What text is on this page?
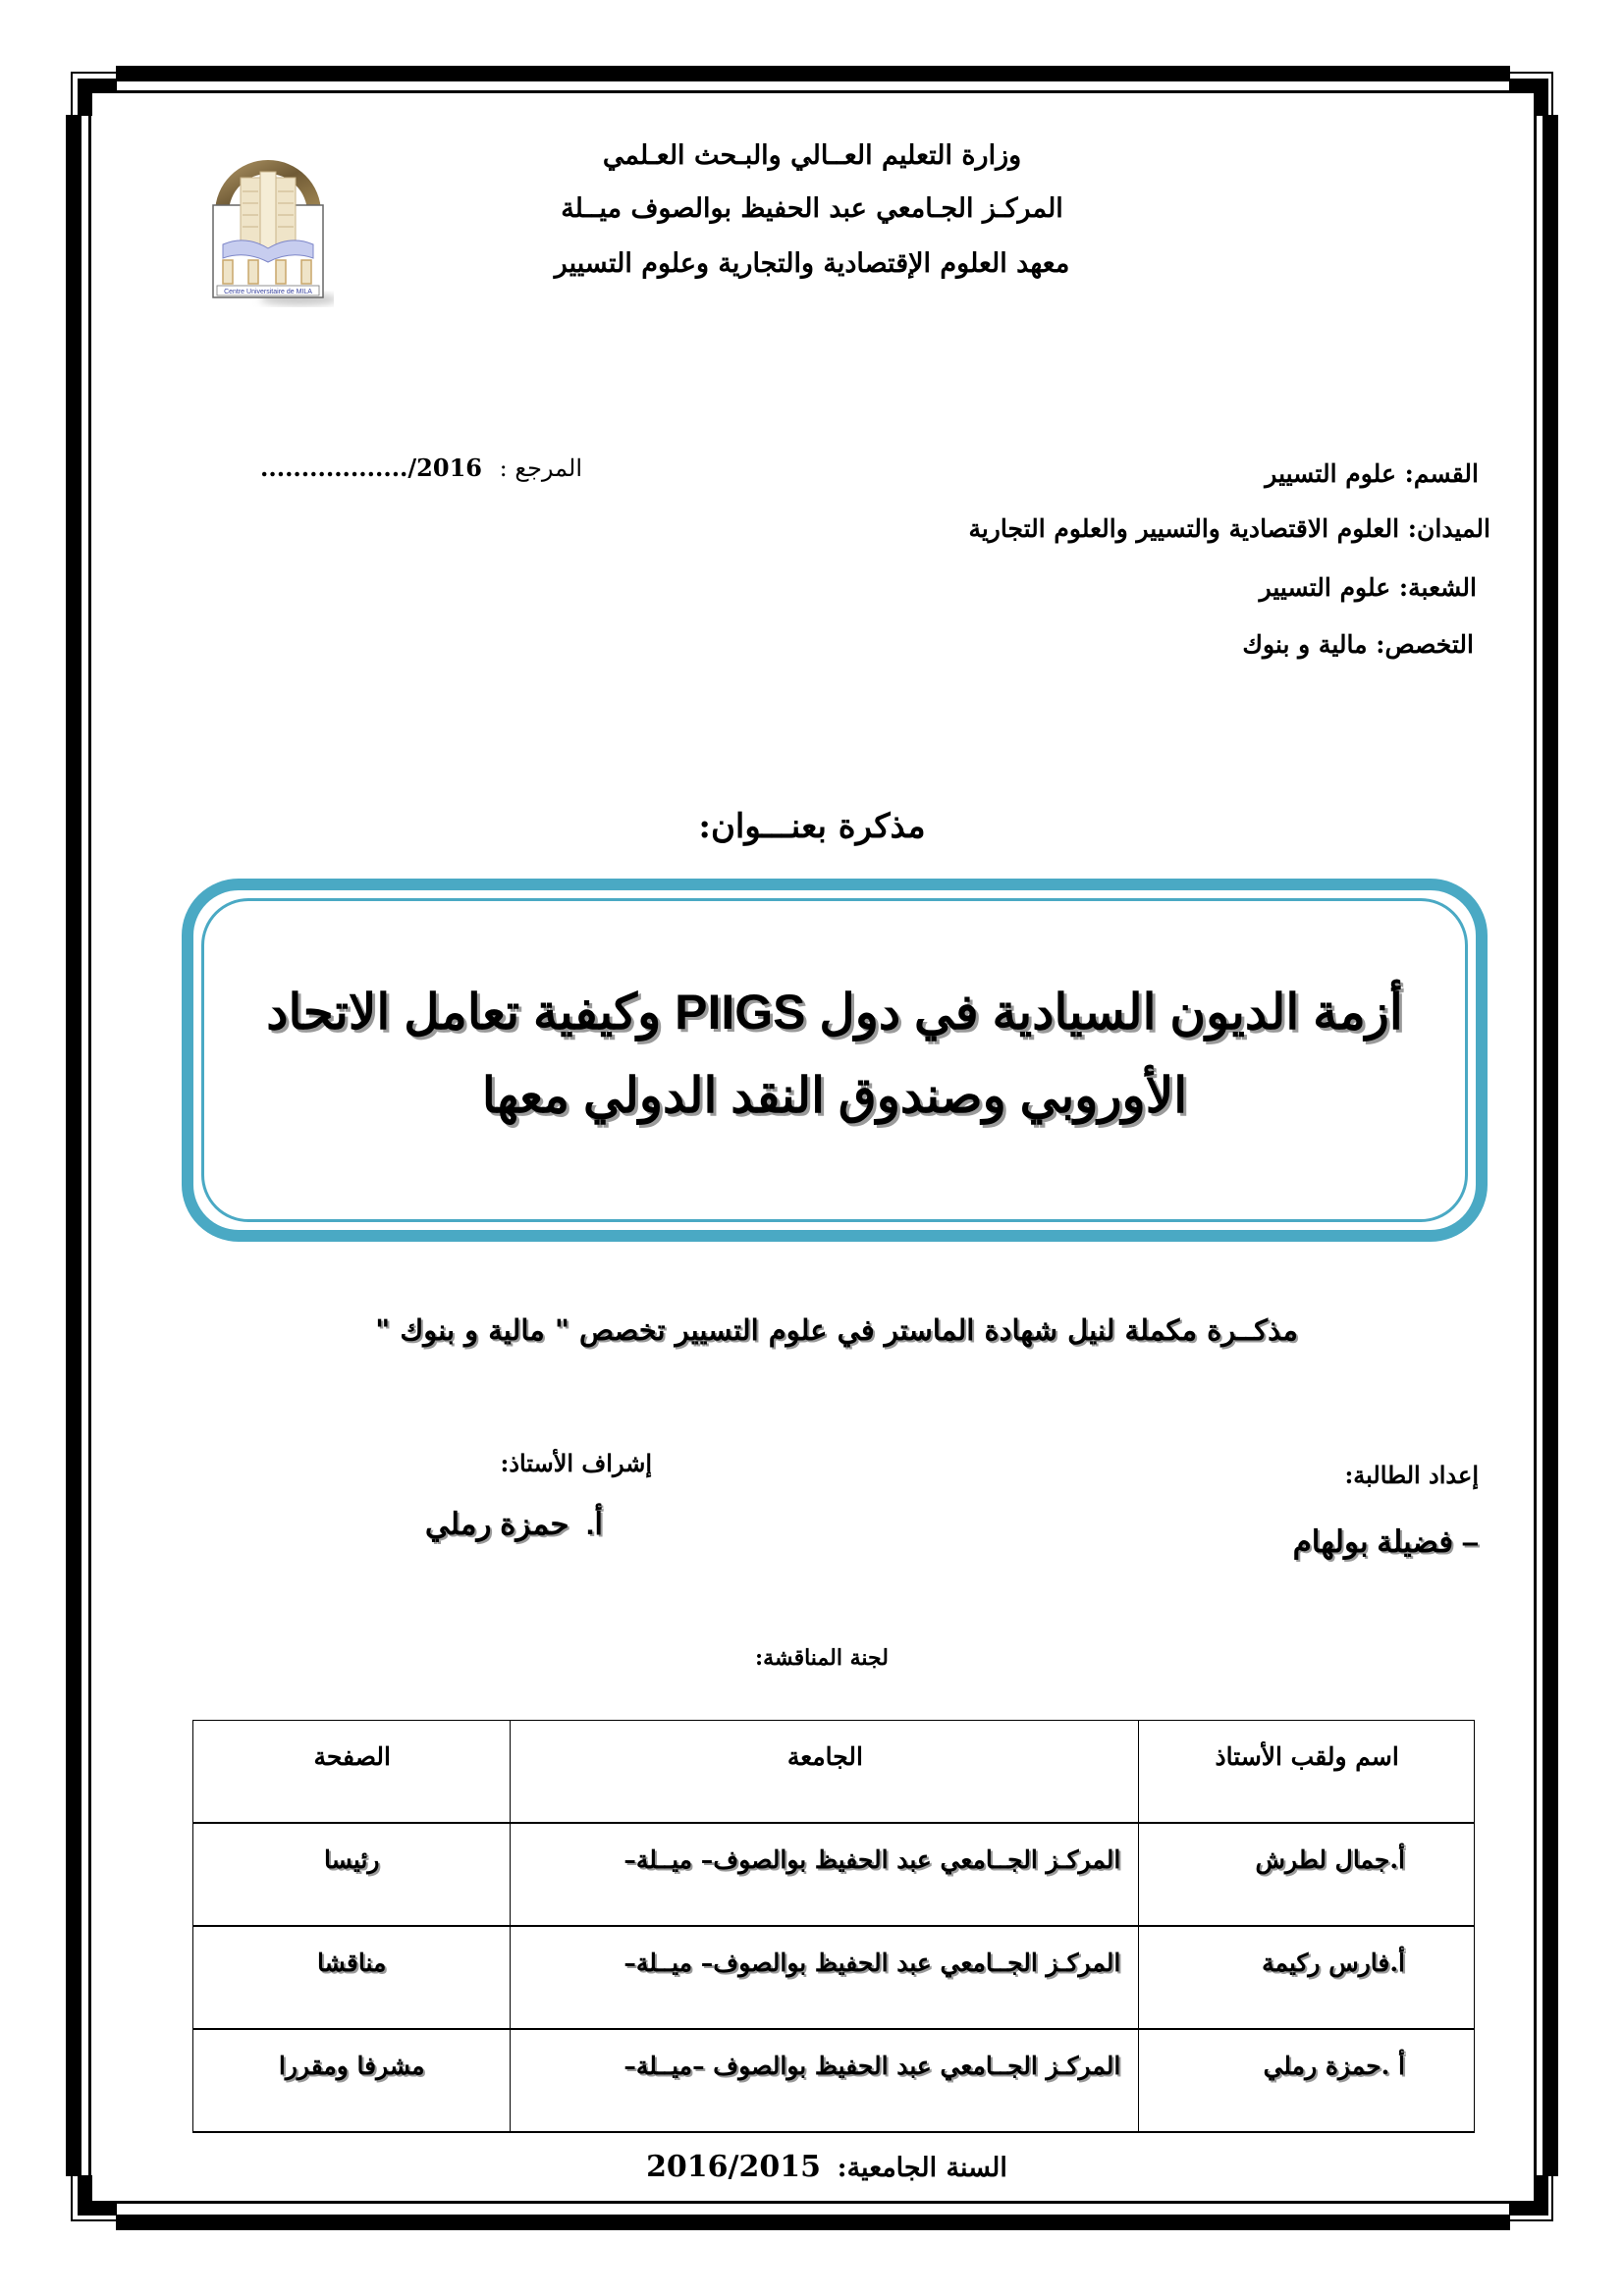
Centre Universitaire de MILA
وزارة التعليم العــالي والبـحث العـلمي
المركـز الجـامعي عبد الحفيظ بوالصوف ميــلة
معهد العلوم الإقتصادية والتجارية وعلوم التسيير
................../2016 المرجع :	القسم: علوم التسيير
الميدان: العلوم الاقتصادية والتسيير والعلوم التجارية
الشعبة: علوم التسيير
التخصص: مالية و بنوك
مذكرة بعنـــوان:
أزمة الديون السيادية في دول PIIGS وكيفية تعامل الاتحاد
الأوروبي وصندوق النقد الدولي معها
مذكــرة مكملة لنيل شهادة الماستر في علوم التسيير تخصص " مالية و بنوك "
إعداد الطالبة:
– فضيلة بولهام
إشراف الأستاذ:
أ.  حمزة رملي
لجنة المناقشة:
اسم ولقب الأستاذ	الجامعة	الصفحة
أ.جمال لطرش	المركـز الجــامعي عبد الحفيظ بوالصوف– ميــلة–	رئيسا
أ.فارس ركيمة	المركـز الجــامعي عبد الحفيظ بوالصوف– ميــلة–	مناقشا
أ .حمزة رملي	المركـز الجــامعي عبد الحفيظ بوالصوف –ميــلة–	مشرفا ومقررا
2016/2015 السنة الجامعية:
